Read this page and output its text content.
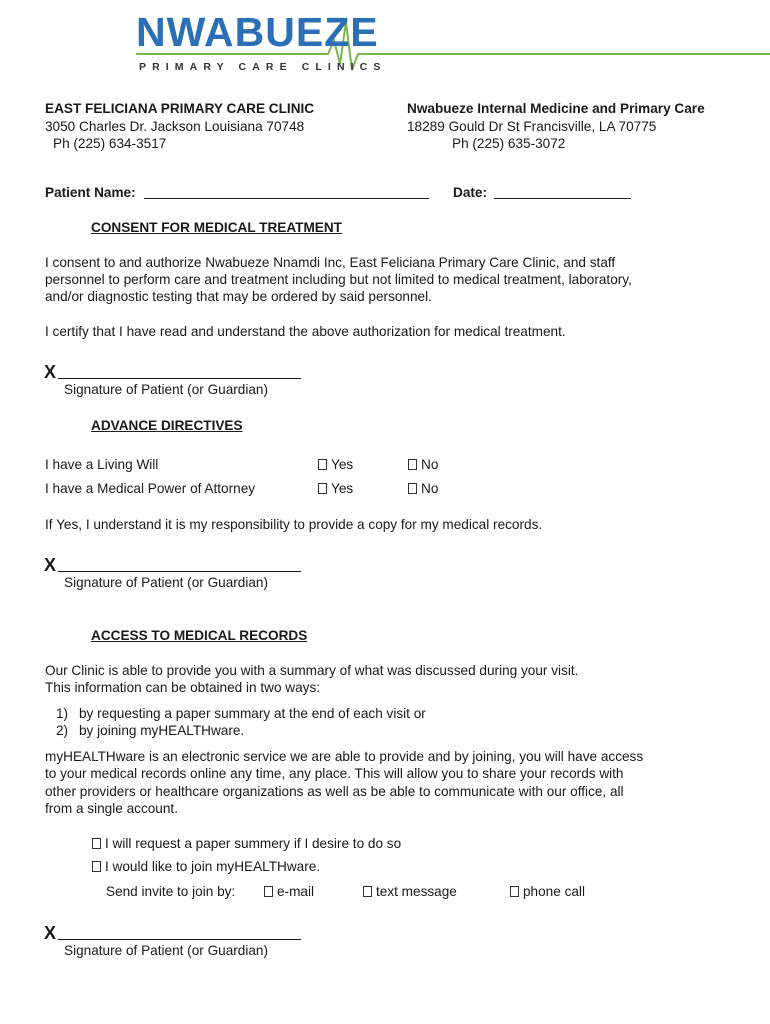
NWABUEZE
PRIMARY CARE CLINICS
EAST FELICIANA PRIMARY CARE CLINIC
3050 Charles Dr. Jackson Louisiana 70748
Ph (225) 634-3517
Nwabueze Internal Medicine and Primary Care
18289 Gould Dr St Francisville, LA 70775
Ph (225) 635-3072
Patient Name:	Date:
CONSENT FOR MEDICAL TREATMENT
I consent to and authorize Nwabueze Nnamdi Inc, East Feliciana Primary Care Clinic, and staff
personnel to perform care and treatment including but not limited to medical treatment, laboratory,
and/or diagnostic testing that may be ordered by said personnel.
I certify that I have read and understand the above authorization for medical treatment.
X
Signature of Patient (or Guardian)
ADVANCE DIRECTIVES
I have a Living Will	Yes	No
I have a Medical Power of Attorney	Yes	No
If Yes, I understand it is my responsibility to provide a copy for my medical records.
X
Signature of Patient (or Guardian)
ACCESS TO MEDICAL RECORDS
Our Clinic is able to provide you with a summary of what was discussed during your visit.
This information can be obtained in two ways:
1) by requesting a paper summary at the end of each visit or
2) by joining myHEALTHware.
myHEALTHware is an electronic service we are able to provide and by joining, you will have access
to your medical records online any time, any place. This will allow you to share your records with
other providers or healthcare organizations as well as be able to communicate with our office, all
from a single account.
I will request a paper summery if I desire to do so
I would like to join myHEALTHware.
Send invite to join by:	e-mail	text message	phone call
X
Signature of Patient (or Guardian)
